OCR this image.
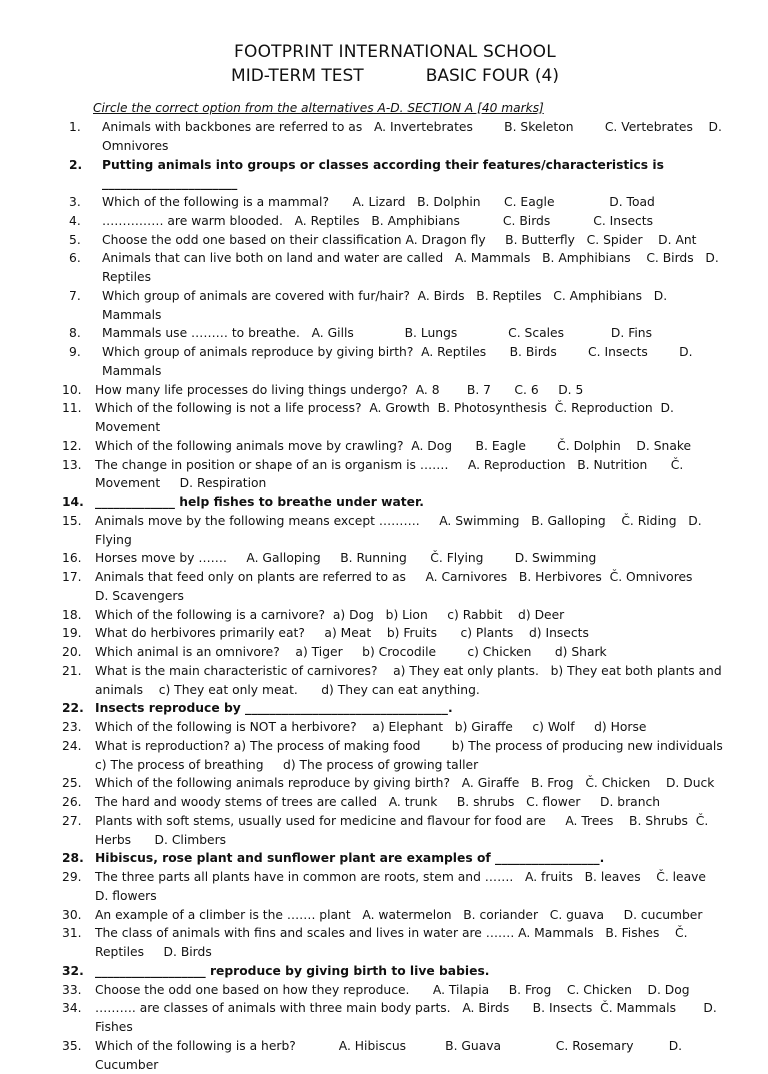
FOOTPRINT INTERNATIONAL SCHOOL
MID-TERM TEST	BASIC FOUR (4)
Circle the correct option from the alternatives A-D. SECTION A [40 marks]
1.	Animals with backbones are referred to as   A. Invertebrates        B. Skeleton        C. Vertebrates    D. Omnivores
2.	Putting animals into groups or classes according their features/characteristics is ______________________
3.	Which of the following is a mammal?      A. Lizard   B. Dolphin      C. Eagle              D. Toad
4.	…………… are warm blooded.   A. Reptiles   B. Amphibians           C. Birds           C. Insects
5.	Choose the odd one based on their classification A. Dragon fly     B. Butterfly   C. Spider    D. Ant
6.	Animals that can live both on land and water are called   A. Mammals   B. Amphibians    C. Birds   D. Reptiles
7.	Which group of animals are covered with fur/hair?  A. Birds   B. Reptiles   C. Amphibians   D. Mammals
8.	Mammals use ……… to breathe.   A. Gills             B. Lungs             C. Scales            D. Fins
9.	Which group of animals reproduce by giving birth?  A. Reptiles      B. Birds        C. Insects        D. Mammals
10.	How many life processes do living things undergo?  A. 8       B. 7      C. 6     D. 5
11.	Which of the following is not a life process?  A. Growth  B. Photosynthesis  Č. Reproduction  D. Movement
12.	Which of the following animals move by crawling?  A. Dog      B. Eagle        Č. Dolphin    D. Snake
13.	The change in position or shape of an is organism is …….     A. Reproduction   B. Nutrition      Č. Movement     D. Respiration
14. _____________ help fishes to breathe under water.
15.	Animals move by the following means except ……….     A. Swimming   B. Galloping    Č. Riding   D. Flying
16.	Horses move by …….     A. Galloping     B. Running      Č. Flying        D. Swimming
17.	Animals that feed only on plants are referred to as     A. Carnivores   B. Herbivores  Č. Omnivores     D. Scavengers
18.	Which of the following is a carnivore?  a) Dog   b) Lion     c) Rabbit    d) Deer
19.	What do herbivores primarily eat?     a) Meat    b) Fruits      c) Plants    d) Insects
20.	Which animal is an omnivore?    a) Tiger     b) Crocodile        c) Chicken      d) Shark
21.	What is the main characteristic of carnivores?    a) They eat only plants.   b) They eat both plants and animals    c) They eat only meat.      d) They can eat anything.
22. Insects reproduce by _________________________________.
23.	Which of the following is NOT a herbivore?    a) Elephant   b) Giraffe     c) Wolf     d) Horse
24.	What is reproduction? a) The process of making food        b) The process of producing new individuals          c) The process of breathing     d) The process of growing taller
25.	Which of the following animals reproduce by giving birth?   A. Giraffe   B. Frog   Č. Chicken    D. Duck
26.	The hard and woody stems of trees are called   A. trunk     B. shrubs   C. flower     D. branch
27.	Plants with soft stems, usually used for medicine and flavour for food are     A. Trees    B. Shrubs  Č. Herbs      D. Climbers
28. Hibiscus, rose plant and sunflower plant are examples of _________________.
29.	The three parts all plants have in common are roots, stem and …….   A. fruits   B. leaves    Č. leave   D. flowers
30.	An example of a climber is the ……. plant   A. watermelon   B. coriander   C. guava     D. cucumber
31.	The class of animals with fins and scales and lives in water are ……. A. Mammals   B. Fishes    Č. Reptiles     D. Birds
32. __________________ reproduce by giving birth to live babies.
33.	Choose the odd one based on how they reproduce.      A. Tilapia     B. Frog    C. Chicken    D. Dog
34.	………. are classes of animals with three main body parts.   A. Birds      B. Insects  Č. Mammals       D. Fishes
35.	Which of the following is a herb?           A. Hibiscus          B. Guava              C. Rosemary         D. Cucumber
